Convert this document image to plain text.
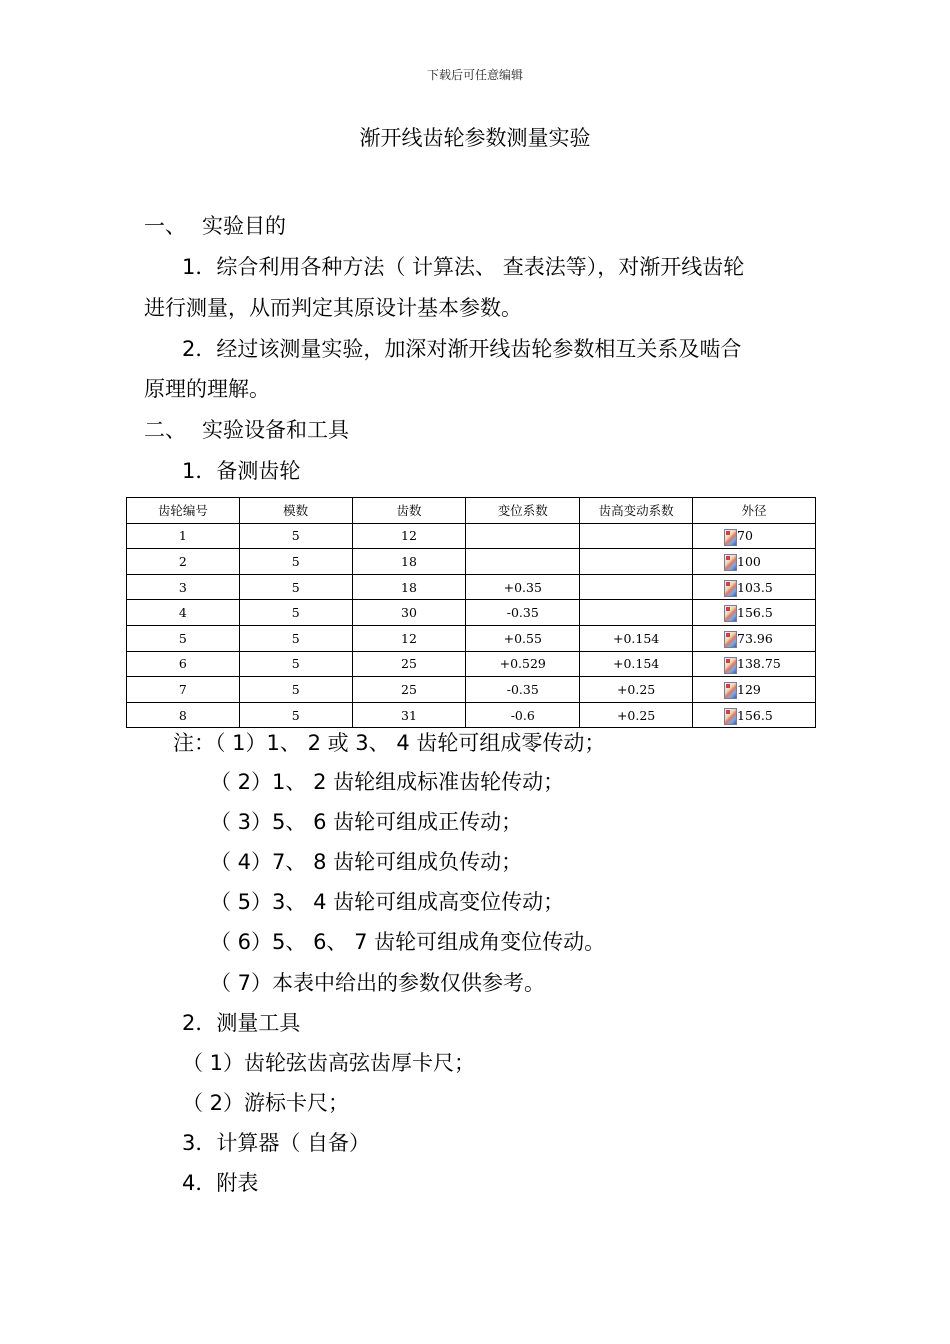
下载后可任意编辑
渐开线齿轮参数测量实验
一、 实验目的
1．综合利用各种方法（ 计算法、 查表法等），对渐开线齿轮
进行测量，从而判定其原设计基本参数。
2．经过该测量实验，加深对渐开线齿轮参数相互关系及啮合
原理的理解。
二、 实验设备和工具
1．备测齿轮
齿轮编号	模数	齿数	变位系数	齿高变动系数	外径
1	5	12			70
2	5	18			100
3	5	18	+0.35		103.5
4	5	30	-0.35		156.5
5	5	12	+0.55	+0.154	73.96
6	5	25	+0.529	+0.154	138.75
7	5	25	-0.35	+0.25	129
8	5	31	-0.6	+0.25	156.5
注：（ 1）1、 2 或 3、 4 齿轮可组成零传动；
（ 2）1、 2 齿轮组成标准齿轮传动；
（ 3）5、 6 齿轮可组成正传动；
（ 4）7、 8 齿轮可组成负传动；
（ 5）3、 4 齿轮可组成高变位传动；
（ 6）5、 6、 7 齿轮可组成角变位传动。
（ 7）本表中给出的参数仅供参考。
2．测量工具
（ 1）齿轮弦齿高弦齿厚卡尺；
（ 2）游标卡尺；
3．计算器（ 自备）
4．附表
